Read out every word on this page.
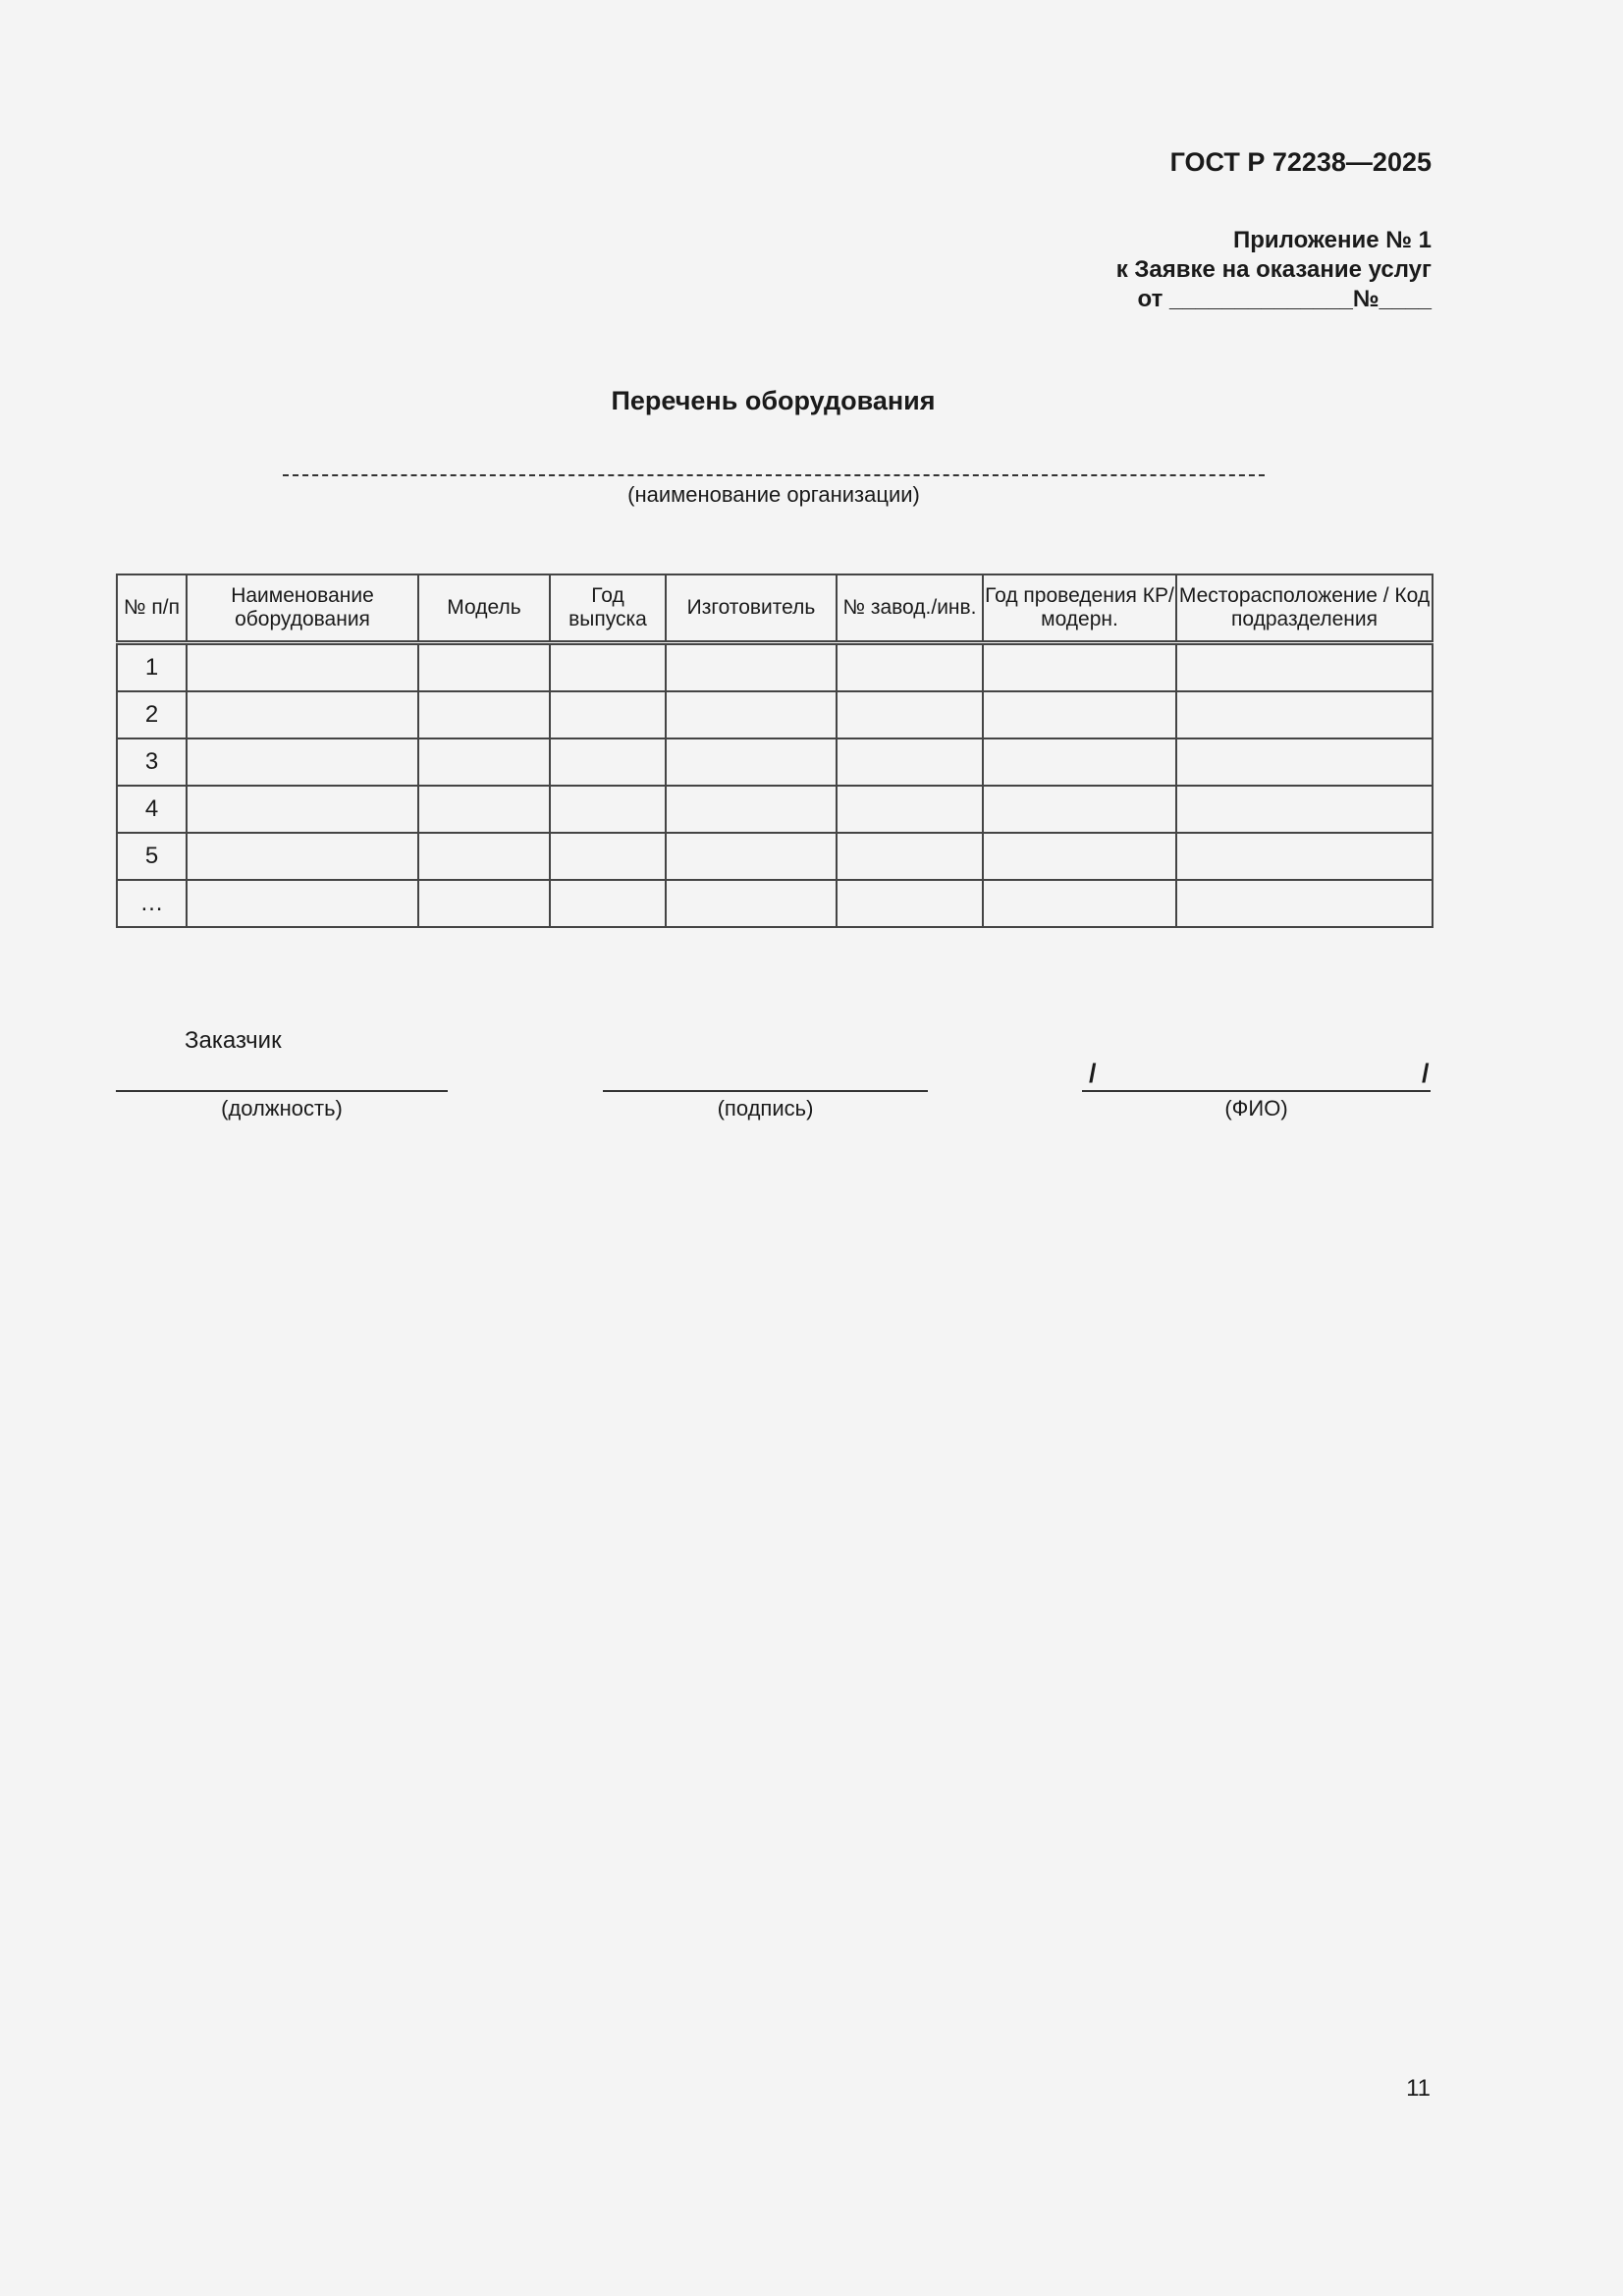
ГОСТ Р 72238—2025
Приложение № 1
к Заявке на оказание услуг
от ______________№____
Перечень оборудования
(наименование организации)
№ п/п	Наименование оборудования	Модель	Год выпуска	Изготовитель	№ завод./инв.	Год проведения КР/модерн.	Месторасположение / Код подразделения
1							
2							
3							
4							
5							
…							
Заказчик
(должность)	(подпись)
/	/
(ФИО)
11
